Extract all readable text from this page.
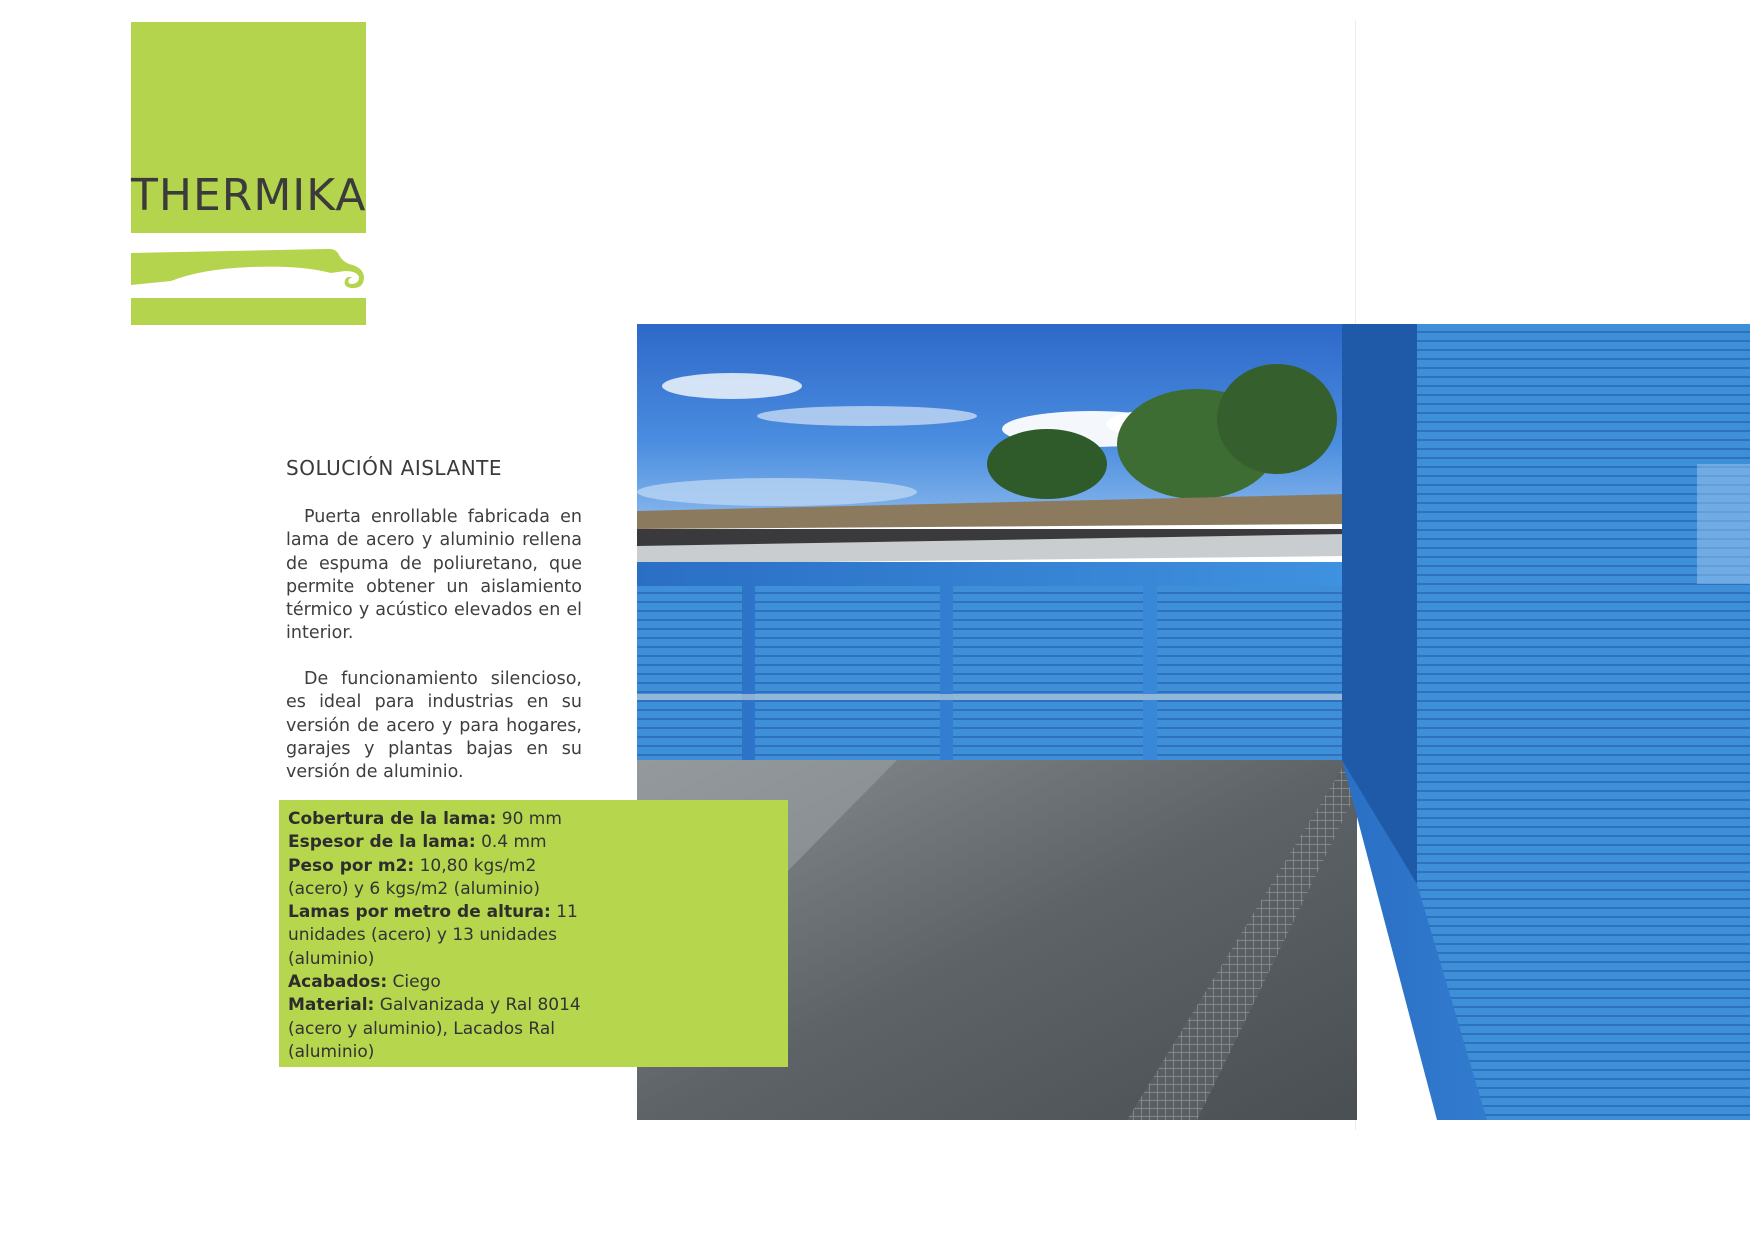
THERMIKA
SOLUCIÓN AISLANTE

Puerta enrollable fabricada en lama de acero y aluminio rellena de espuma de poliuretano, que permite obtener un aislamiento térmico y acústico elevados en el interior.

De funcionamiento silencioso, es ideal para industrias en su versión de acero y para hogares, garajes y plantas bajas en su versión de aluminio.

Cobertura de la lama: 90 mm
Espesor de la lama: 0.4 mm
Peso por m2: 10,80 kgs/m2 (acero) y 6 kgs/m2 (aluminio)
Lamas por metro de altura: 11 unidades (acero) y 13 unidades (aluminio)
Acabados: Ciego
Material: Galvanizada y Ral 8014 (acero y aluminio), Lacados Ral (aluminio)
